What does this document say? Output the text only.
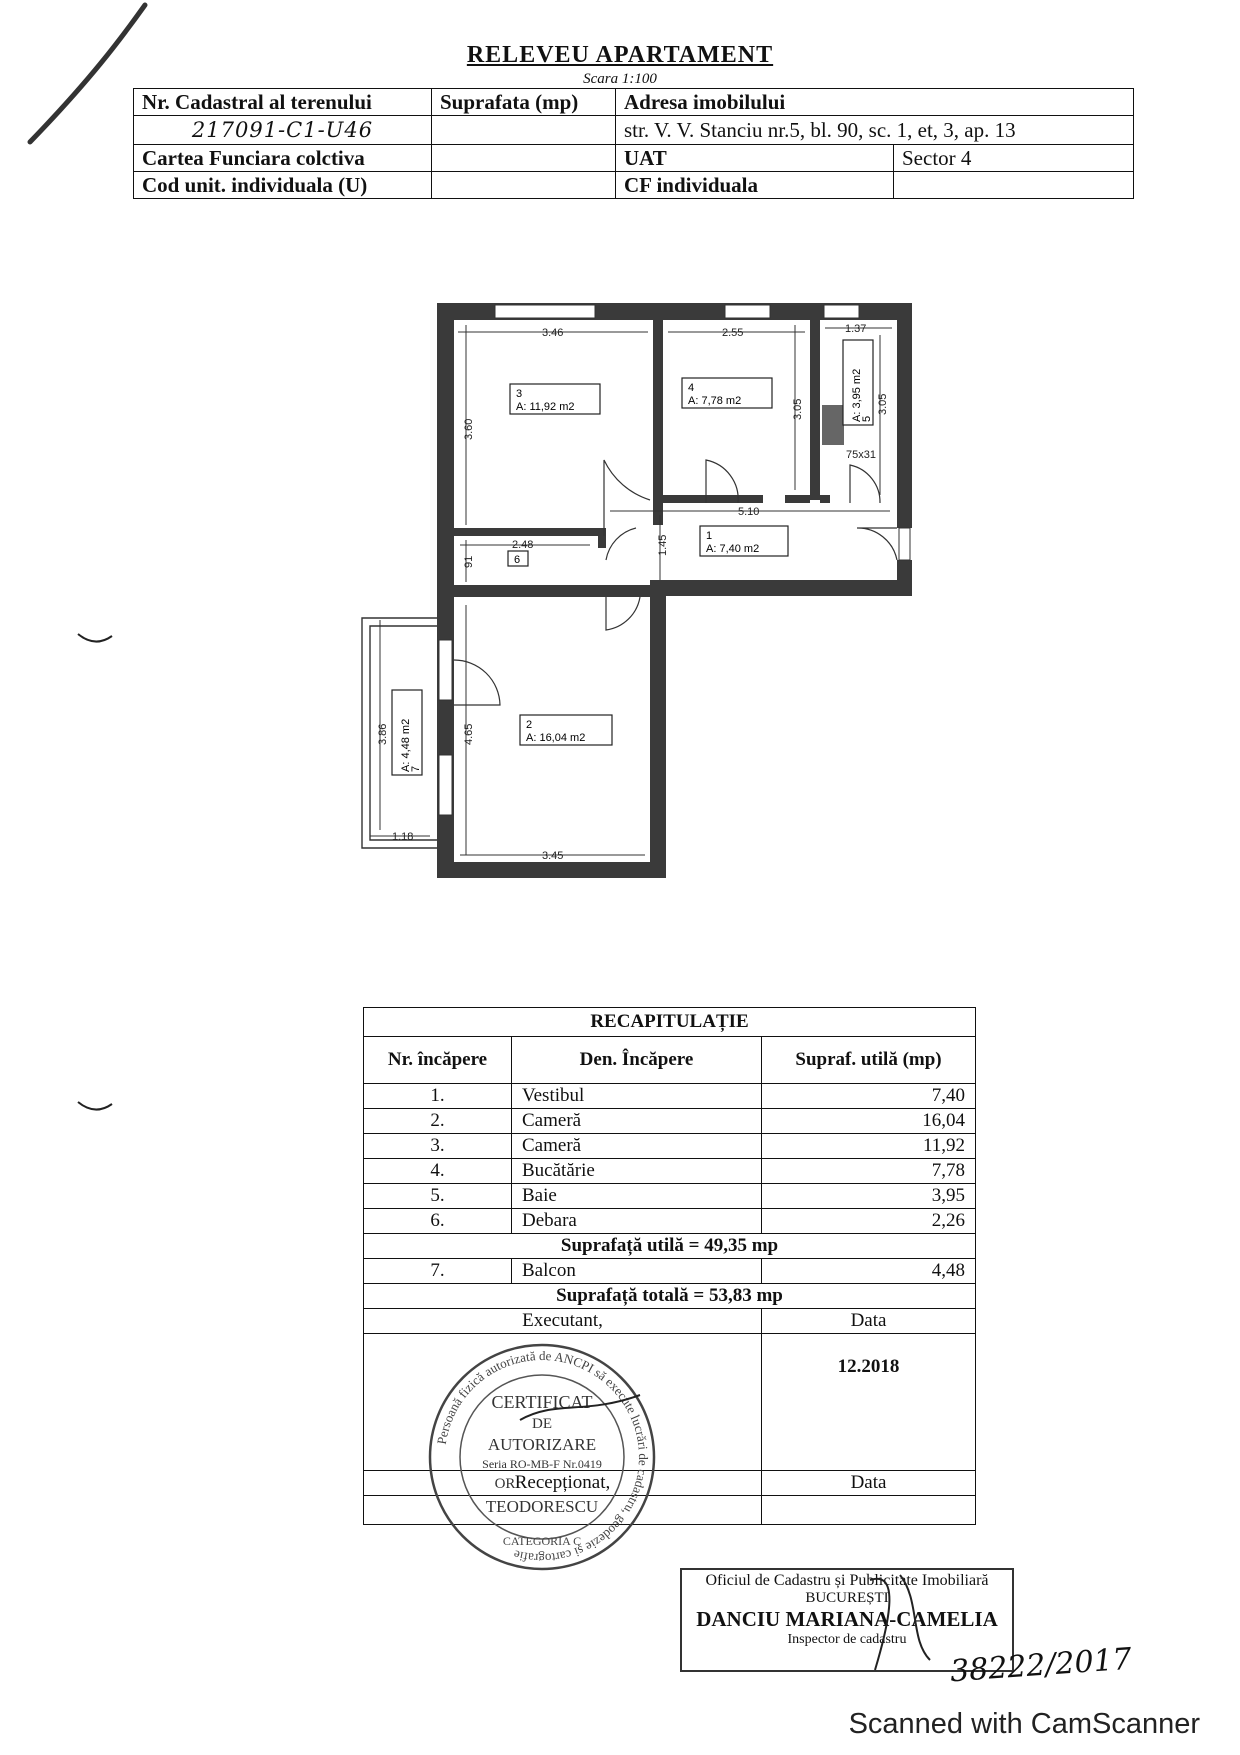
RELEVEU APARTAMENT
Scara 1:100
Nr. Cadastral al terenului	Suprafata (mp)	Adresa imobilului	
217091-C1-U46		str. V. V. Stanciu nr.5, bl. 90, sc. 1, et, 3, ap. 13	
Cartea Funciara colctiva		UAT	Sector 4
Cod unit. individuala (U)		CF individuala	
3
A: 11,92 m2
4
A: 7,78 m2	A: 3,95 m2
5
1
A: 7,40 m2
6
2
A: 16,04 m2
A: 4,48 m2
7
3.46	2.55	1.37
3.60
3.05	3.05
75x31
5.10
2.48
91
1.45
4.65
3.86
1.18
3.45
RECAPITULAȚIE		
Nr. încăpere	Den. Încăpere	Supraf. utilă (mp)
1.	Vestibul	7,40
2.	Cameră	16,04
3.	Cameră	11,92
4.	Bucătărie	7,78
5.	Baie	3,95
6.	Debara	2,26
Suprafață utilă = 49,35 mp		
7.	Balcon	4,48
Suprafață totală = 53,83 mp		
Executant,		Data
		12.2018
Recepționat,		Data

Persoană fizică autorizată de ANCPI să execute lucrări de cadastru, geodezie și cartografie
CERTIFICAT
DE
AUTORIZARE
Seria RO-MB-F Nr.0419
OR
TEODORESCU
CATEGORIA C
Oficiul de Cadastru și Publicitate Imobiliară
BUCUREȘTI
DANCIU MARIANA-CAMELIA
Inspector de cadastru
38222/2017
Scanned with CamScanner
